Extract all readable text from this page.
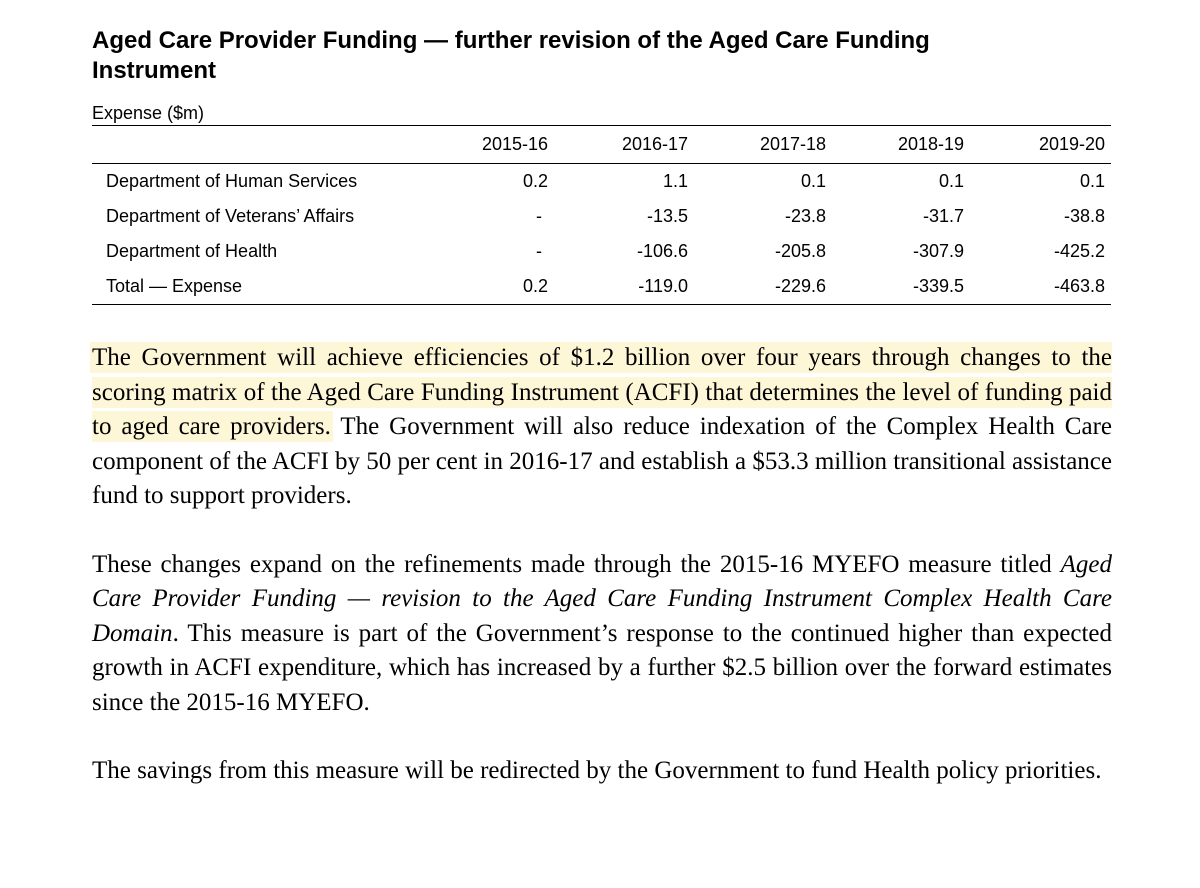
Aged Care Provider Funding — further revision of the Aged Care Funding Instrument
Expense ($m)
	2015-16	2016-17	2017-18	2018-19	2019-20
Department of Human Services	0.2	1.1	0.1	0.1	0.1
Department of Veterans’ Affairs	-	-13.5	-23.8	-31.7	-38.8
Department of Health	-	-106.6	-205.8	-307.9	-425.2
Total — Expense	0.2	-119.0	-229.6	-339.5	-463.8

The Government will achieve efficiencies of $1.2 billion over four years through changes to the scoring matrix of the Aged Care Funding Instrument (ACFI) that determines the level of funding paid to aged care providers. The Government will also reduce indexation of the Complex Health Care component of the ACFI by 50 per cent in 2016-17 and establish a $53.3 million transitional assistance fund to support providers.

These changes expand on the refinements made through the 2015-16 MYEFO measure titled Aged Care Provider Funding — revision to the Aged Care Funding Instrument Complex Health Care Domain. This measure is part of the Government’s response to the continued higher than expected growth in ACFI expenditure, which has increased by a further $2.5 billion over the forward estimates since the 2015-16 MYEFO.

The savings from this measure will be redirected by the Government to fund Health policy priorities.
